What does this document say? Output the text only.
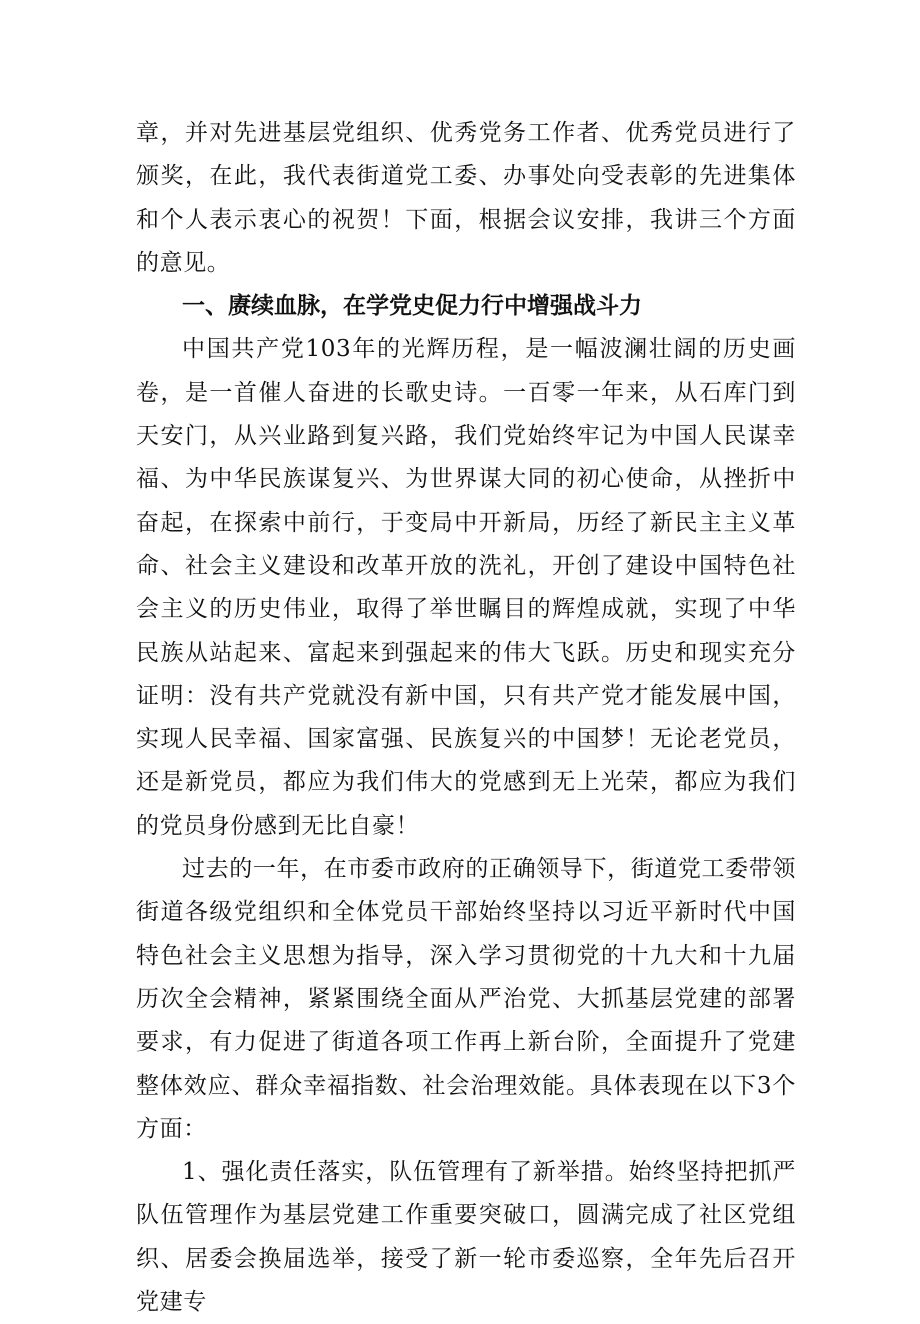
章，并对先进基层党组织、优秀党务工作者、优秀党员进行了颁奖，在此，我代表街道党工委、办事处向受表彰的先进集体和个人表示衷心的祝贺！下面，根据会议安排，我讲三个方面的意见。

一、赓续血脉，在学党史促力行中增强战斗力

中国共产党103年的光辉历程，是一幅波澜壮阔的历史画卷，是一首催人奋进的长歌史诗。一百零一年来，从石库门到天安门，从兴业路到复兴路，我们党始终牢记为中国人民谋幸福、为中华民族谋复兴、为世界谋大同的初心使命，从挫折中奋起，在探索中前行，于变局中开新局，历经了新民主主义革命、社会主义建设和改革开放的洗礼，开创了建设中国特色社会主义的历史伟业，取得了举世瞩目的辉煌成就，实现了中华民族从站起来、富起来到强起来的伟大飞跃。历史和现实充分证明：没有共产党就没有新中国，只有共产党才能发展中国，实现人民幸福、国家富强、民族复兴的中国梦！无论老党员，还是新党员，都应为我们伟大的党感到无上光荣，都应为我们的党员身份感到无比自豪！

过去的一年，在市委市政府的正确领导下，街道党工委带领街道各级党组织和全体党员干部始终坚持以习近平新时代中国特色社会主义思想为指导，深入学习贯彻党的十九大和十九届历次全会精神，紧紧围绕全面从严治党、大抓基层党建的部署要求，有力促进了街道各项工作再上新台阶，全面提升了党建整体效应、群众幸福指数、社会治理效能。具体表现在以下3个方面：

1、强化责任落实，队伍管理有了新举措。始终坚持把抓严队伍管理作为基层党建工作重要突破口，圆满完成了社区党组织、居委会换届选举，接受了新一轮市委巡察，全年先后召开党建专
